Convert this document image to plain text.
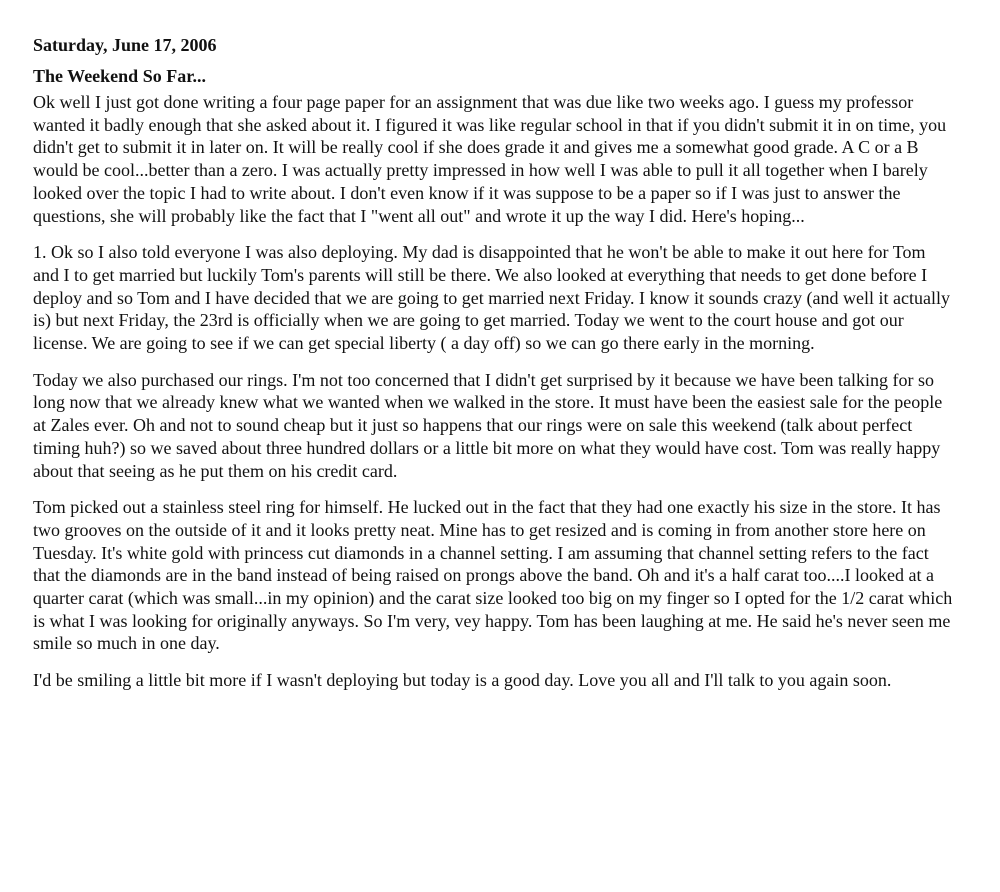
Saturday, June 17, 2006
The Weekend So Far...

Ok well I just got done writing a four page paper for an assignment that was due like two weeks ago. I guess my professor wanted it badly enough that she asked about it. I figured it was like regular school in that if you didn't submit it in on time, you didn't get to submit it in later on. It will be really cool if she does grade it and gives me a somewhat good grade. A C or a B would be cool...better than a zero. I was actually pretty impressed in how well I was able to pull it all together when I barely looked over the topic I had to write about. I don't even know if it was suppose to be a paper so if I was just to answer the questions, she will probably like the fact that I "went all out" and wrote it up the way I did. Here's hoping...

1. Ok so I also told everyone I was also deploying. My dad is disappointed that he won't be able to make it out here for Tom and I to get married but luckily Tom's parents will still be there. We also looked at everything that needs to get done before I deploy and so Tom and I have decided that we are going to get married next Friday. I know it sounds crazy (and well it actually is) but next Friday, the 23rd is officially when we are going to get married. Today we went to the court house and got our license. We are going to see if we can get special liberty ( a day off) so we can go there early in the morning.

Today we also purchased our rings. I'm not too concerned that I didn't get surprised by it because we have been talking for so long now that we already knew what we wanted when we walked in the store. It must have been the easiest sale for the people at Zales ever. Oh and not to sound cheap but it just so happens that our rings were on sale this weekend (talk about perfect timing huh?) so we saved about three hundred dollars or a little bit more on what they would have cost. Tom was really happy about that seeing as he put them on his credit card.

Tom picked out a stainless steel ring for himself. He lucked out in the fact that they had one exactly his size in the store. It has two grooves on the outside of it and it looks pretty neat. Mine has to get resized and is coming in from another store here on Tuesday. It's white gold with princess cut diamonds in a channel setting. I am assuming that channel setting refers to the fact that the diamonds are in the band instead of being raised on prongs above the band. Oh and it's a half carat too....I looked at a quarter carat (which was small...in my opinion) and the carat size looked too big on my finger so I opted for the 1/2 carat which is what I was looking for originally anyways. So I'm very, vey happy. Tom has been laughing at me. He said he's never seen me smile so much in one day.

I'd be smiling a little bit more if I wasn't deploying but today is a good day. Love you all and I'll talk to you again soon.
